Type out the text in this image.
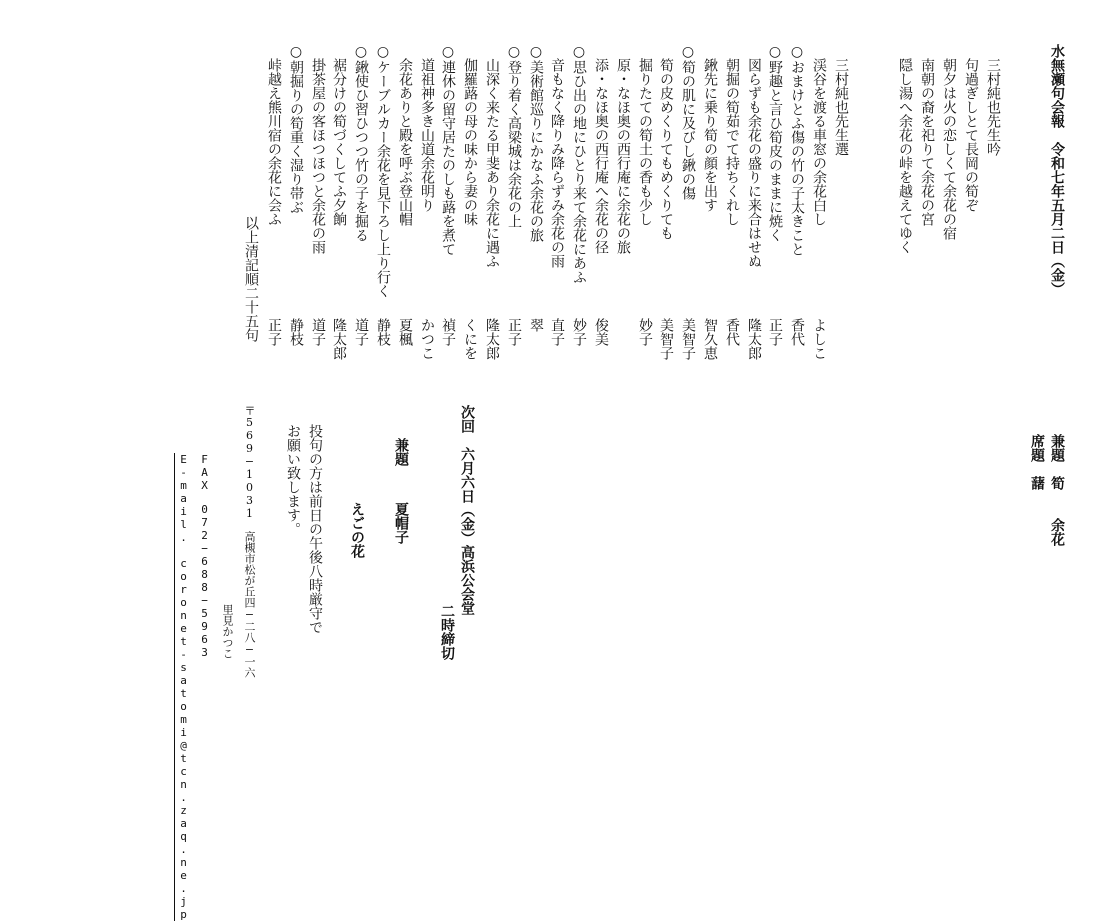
水無瀬句会報　令和七年五月二日（金）
兼題
筍　　余花
席題
藷
三村純也先生吟
句過ぎしとて長岡の筍ぞ
朝夕は火の恋しくて余花の宿
南朝の裔を祀りて余花の宮
隠し湯へ余花の峠を越えてゆく
三村純也先生選
渓谷を渡る車窓の余花白し
よしこ
○おまけとふ傷の竹の子太きこと
香代
○野趣と言ひ筍皮のままに焼く
正子
図らずも余花の盛りに来合はせぬ
隆太郎
朝掘の筍茹でて持ちくれし
香代
鍬先に乗り筍の顔を出す
智久恵
○筍の肌に及びし鍬の傷
美智子
筍の皮めくりてもめくりても
美智子
掘りたての筍土の香も少し
妙子
原・なほ奥の西行庵に余花の旅
添・なほ奥の西行庵へ余花の径
俊美
○思ひ出の地にひとり来て余花にあふ
妙子
音もなく降りみ降らずみ余花の雨
直子
○美術館巡りにかなふ余花の旅
翠
○登り着く高梁城は余花の上
正子
山深く来たる甲斐あり余花に遇ふ
隆太郎
伽羅蕗の母の味から妻の味
くにを
○連休の留守居たのしも蕗を煮て
禎子
道祖神多き山道余花明り
かつこ
余花ありと殿を呼ぶ登山帽
夏楓
○ケーブルカー余花を見下ろし上り行く
静枝
○鍬使ひ習ひつつ竹の子を掘る
道子
裾分けの筍づくしてふ夕餉
隆太郎
掛茶屋の客ほつほつと余花の雨
道子
○朝掘りの筍重く湿り帯ぶ
静枝
峠越え熊川宿の余花に会ふ
正子
以上清記順二十五句
次回　六月六日（金）高浜公会堂
二時締切
兼題
夏帽子
えごの花
投句の方は前日の午後八時厳守で
お願い致します。
〒569−1031　高槻市松が丘四−二八−一六
里見かつこ
FAX　072−688−5963
E-mail. coronet-satomi@tcn.zaq.ne.jp
